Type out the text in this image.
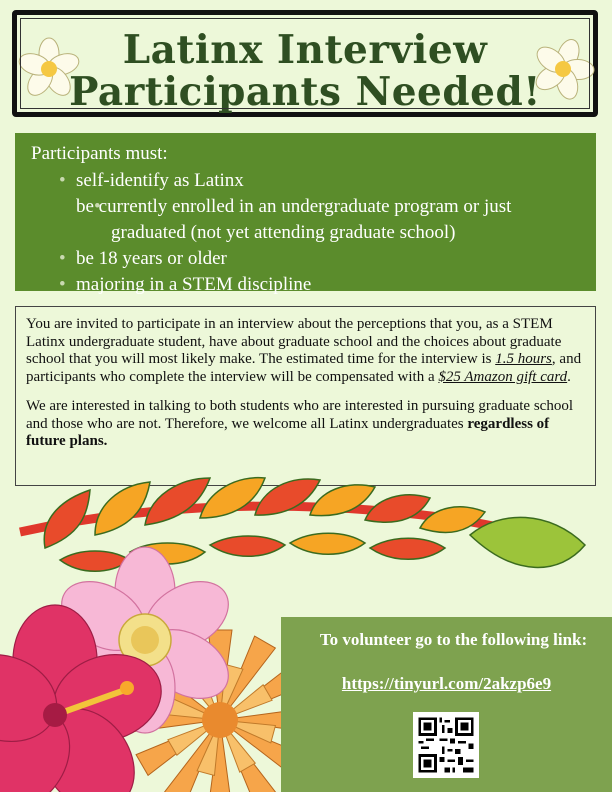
Latinx Interview
Participants Needed!
Participants must:
• self-identify as Latinx
• be currently enrolled in an undergraduate program or just graduated (not yet attending graduate school)
• be 18 years or older
• majoring in a STEM discipline

You are invited to participate in an interview about the perceptions that you, as a STEM Latinx undergraduate student, have about graduate school and the choices about graduate school that you will most likely make. The estimated time for the interview is 1.5 hours, and participants who complete the interview will be compensated with a $25 Amazon gift card.

We are interested in talking to both students who are interested in pursuing graduate school and those who are not. Therefore, we welcome all Latinx undergraduates regardless of future plans.

To volunteer go to the following link:
https://tinyurl.com/2akzp6e9
